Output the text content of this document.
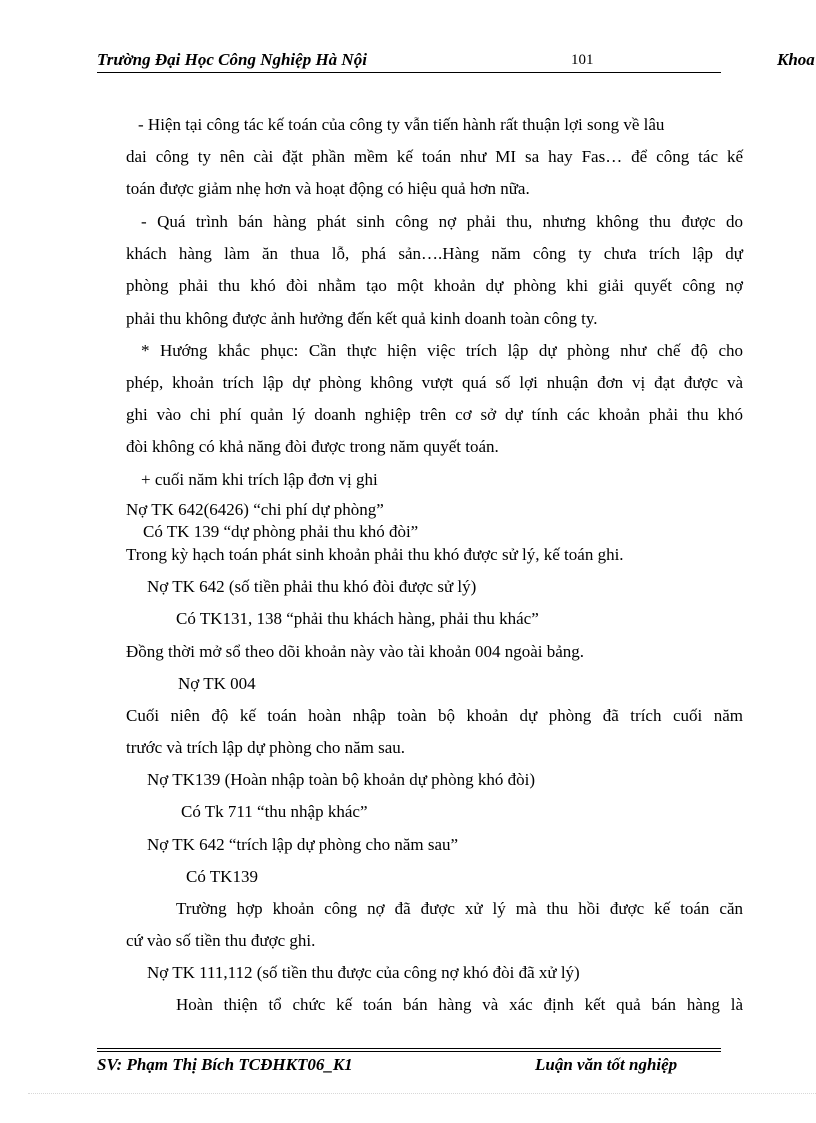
Trường Đại Học Công Nghiệp Hà Nội	101	Khoa
- Hiện tại công tác kế toán của công ty vẫn tiến hành rất thuận lợi song về lâu
dai công ty nên cài đặt phần mềm kế toán như MI sa hay Fas… để công tác kế
toán được giảm nhẹ hơn và hoạt động có hiệu quả hơn nữa.
- Quá trình bán hàng phát sinh công nợ phải thu, nhưng không thu được do
khách hàng làm ăn thua lỗ, phá sản….Hàng năm công ty chưa trích lập dự
phòng phải thu khó đòi nhằm tạo một khoản dự phòng khi giải quyết công nợ
phải thu không được ảnh hưởng đến kết quả kinh doanh toàn công ty.
* Hướng khắc phục: Cần thực hiện việc trích lập dự phòng như chế độ cho
phép, khoản trích lập dự phòng không vượt quá số lợi nhuận đơn vị đạt được và
ghi vào chi phí quản lý doanh nghiệp trên cơ sở dự tính các khoản phải thu khó
đòi không có khả năng đòi được trong năm quyết toán.
+ cuối năm khi trích lập đơn vị ghi
Nợ TK 642(6426) “chi phí dự phòng”
Có TK 139 “dự phòng phải thu khó đòi”
Trong kỳ hạch toán phát sinh khoản phải thu khó được sử lý, kế toán ghi.
Nợ TK 642 (số tiền phải thu khó đòi được sử lý)
Có TK131, 138 “phải thu khách hàng, phải thu khác”
Đồng thời mở sổ theo dõi khoản này vào tài khoản 004 ngoài bảng.
Nợ TK 004
Cuối niên độ kế toán hoàn nhập toàn bộ khoản dự phòng đã trích cuối năm
trước và trích lập dự phòng cho năm sau.
Nợ TK139 (Hoàn nhập toàn bộ khoản dự phòng khó đòi)
Có Tk 711 “thu nhập khác”
Nợ TK 642 “trích lập dự phòng cho năm sau”
Có TK139
Trường hợp khoản công nợ đã được xử lý mà thu hồi được kế toán căn
cứ vào số tiền thu được ghi.
Nợ TK 111,112 (số tiền thu được của công nợ khó đòi đã xử lý)
Hoàn thiện tổ chức kế toán bán hàng và xác định kết quả bán hàng là
SV: Phạm Thị Bích TCĐHKT06_K1	Luận văn tốt nghiệp
